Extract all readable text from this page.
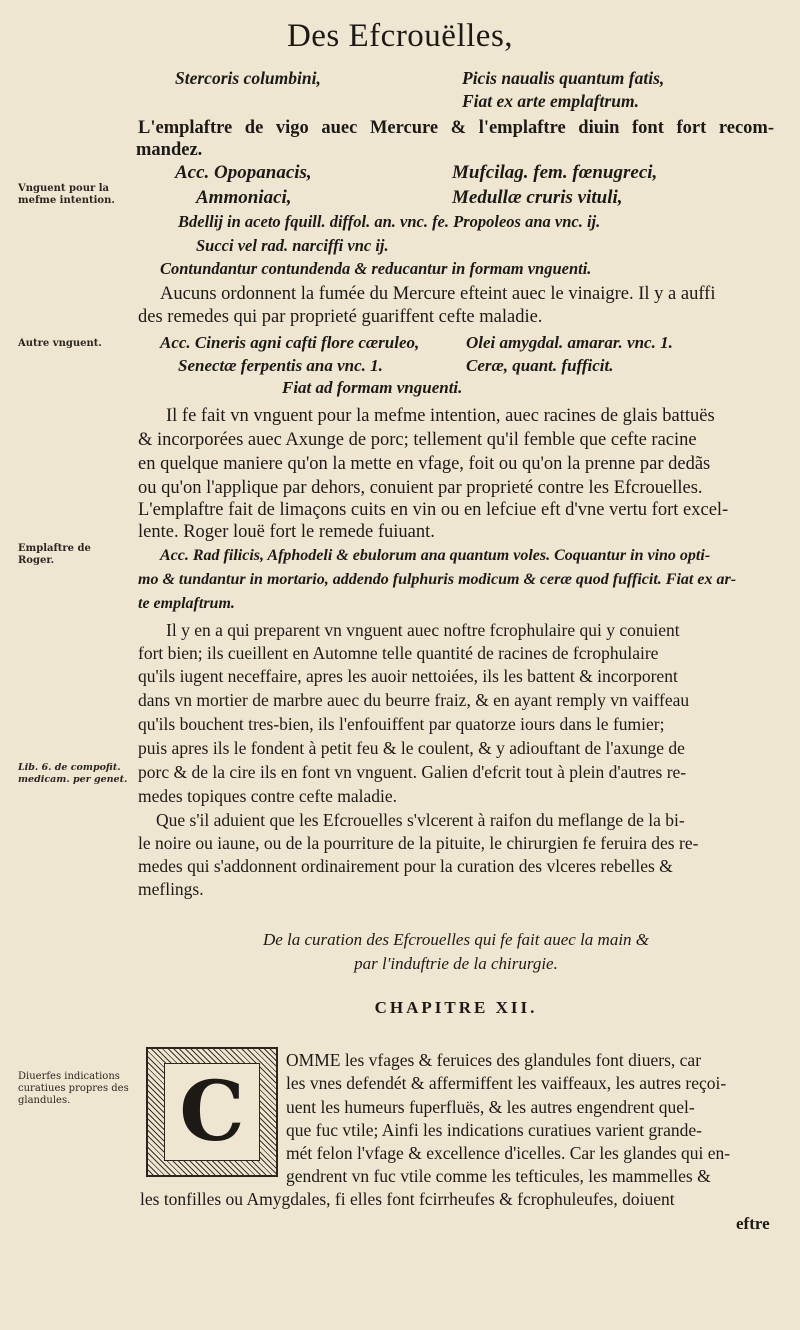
Des Efcrouëlles,
Vnguent pour la mefme intention.
Autre vnguent.
Emplaftre de Roger.
Lib. 6. de compofit. medicam. per genet.
Diuerfes indications curatiues propres des glandules.
Stercoris columbini,	Picis naualis quantum fatis,
Fiat ex arte emplaftrum.
L'emplaftre de vigo auec Mercure & l'emplaftre diuin font fort recom-
mandez.
Acc. Opopanacis,	Mufcilag. fem. fœnugreci,
Ammoniaci,	Medullæ cruris vituli,
Bdellij in aceto fquill. diffol. an. vnc. fe. Propoleos ana vnc. ij.
Succi vel rad. narciffi vnc ij.
Contundantur contundenda & reducantur in formam vnguenti.
Aucuns ordonnent la fumée du Mercure efteint auec le vinaigre. Il y a auffi
des remedes qui par proprieté guariffent cefte maladie.
Acc. Cineris agni cafti flore cæruleo,	Olei amygdal. amarar. vnc. 1.
Senectæ ferpentis ana vnc. 1.	Ceræ, quant. fufficit.
Fiat ad formam vnguenti.
Il fe fait vn vnguent pour la mefme intention, auec racines de glais battuës
& incorporées auec Axunge de porc; tellement qu'il femble que cefte racine
en quelque maniere qu'on la mette en vfage, foit ou qu'on la prenne par dedãs
ou qu'on l'applique par dehors, conuient par proprieté contre les Efcrouelles.
L'emplaftre fait de limaçons cuits en vin ou en lefciue eft d'vne vertu fort excel-
lente. Roger louë fort le remede fuiuant.
Acc. Rad filicis, Afphodeli & ebulorum ana quantum voles. Coquantur in vino opti-
mo & tundantur in mortario, addendo fulphuris modicum & ceræ quod fufficit. Fiat ex ar-
te emplaftrum.
Il y en a qui preparent vn vnguent auec noftre fcrophulaire qui y conuient
fort bien; ils cueillent en Automne telle quantité de racines de fcrophulaire
qu'ils iugent neceffaire, apres les auoir nettoiées, ils les battent & incorporent
dans vn mortier de marbre auec du beurre fraiz, & en ayant remply vn vaiffeau
qu'ils bouchent tres-bien, ils l'enfouiffent par quatorze iours dans le fumier;
puis apres ils le fondent à petit feu & le coulent, & y adiouftant de l'axunge de
porc & de la cire ils en font vn vnguent. Galien d'efcrit tout à plein d'autres re-
medes topiques contre cefte maladie.
Que s'il aduient que les Efcrouelles s'vlcerent à raifon du meflange de la bi-
le noire ou iaune, ou de la pourriture de la pituite, le chirurgien fe feruira des re-
medes qui s'addonnent ordinairement pour la curation des vlceres rebelles &
meflings.
De la curation des Efcrouelles qui fe fait auec la main &
par l'induftrie de la chirurgie.
CHAPITRE XII.
C
OMME les vfages & feruices des glandules font diuers, car
les vnes defendét & affermiffent les vaiffeaux, les autres reçoi-
uent les humeurs fuperfluës, & les autres engendrent quel-
que fuc vtile; Ainfi les indications curatiues varient grande-
mét felon l'vfage & excellence d'icelles. Car les glandes qui en-
gendrent vn fuc vtile comme les tefticules, les mammelles &
les tonfilles ou Amygdales, fi elles font fcirrheufes & fcrophuleufes, doiuent
eftre
